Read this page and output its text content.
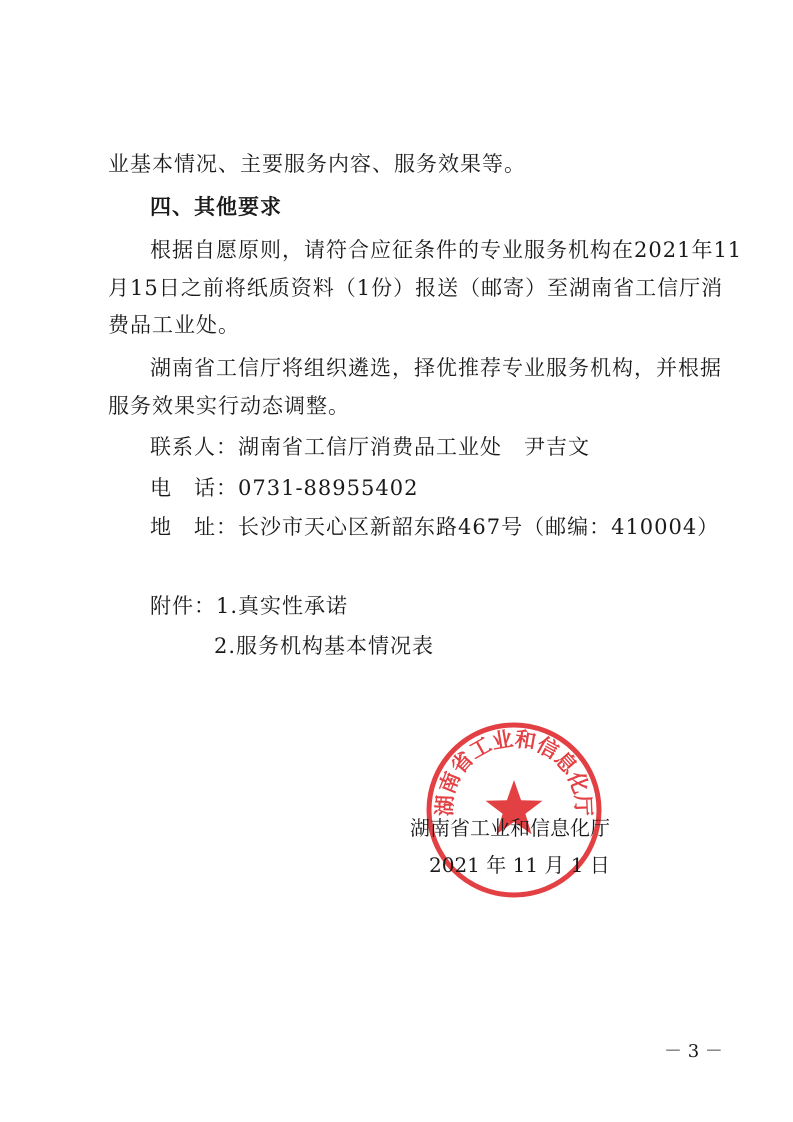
业基本情况、主要服务内容、服务效果等。
四、其他要求
根据自愿原则，请符合应征条件的专业服务机构在2021年11
月15日之前将纸质资料（1份）报送（邮寄）至湖南省工信厅消
费品工业处。
湖南省工信厅将组织遴选，择优推荐专业服务机构，并根据
服务效果实行动态调整。
联系人：湖南省工信厅消费品工业处　尹吉文
电　话：0731-88955402
地　址：长沙市天心区新韶东路467号（邮编：410004）
附件：1.真实性承诺
2.服务机构基本情况表
湖南省工业和信息化厅
湖南省工业和信息化厅
2021 年 11 月 1 日
－ 3 －
